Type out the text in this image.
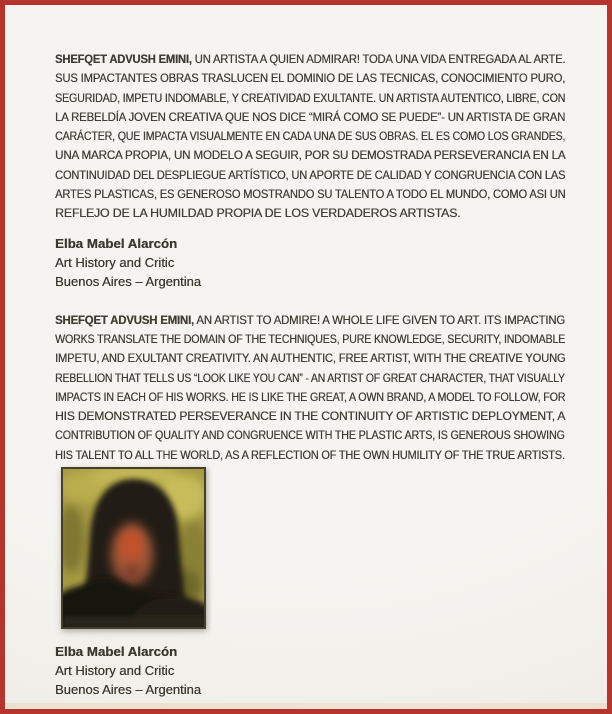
SHEFQET ADVUSH EMINI, UN ARTISTA A QUIEN ADMIRAR! TODA UNA VIDA ENTREGADA AL ARTE.
SUS IMPACTANTES OBRAS TRASLUCEN EL DOMINIO DE LAS TECNICAS, CONOCIMIENTO PURO,
SEGURIDAD, IMPETU INDOMABLE, Y CREATIVIDAD EXULTANTE. UN ARTISTA AUTENTICO, LIBRE, CON
LA REBELDÍA JOVEN CREATIVA QUE NOS DICE “MIRÁ COMO SE PUEDE”- UN ARTISTA DE GRAN
CARÁCTER, QUE IMPACTA VISUALMENTE EN CADA UNA DE SUS OBRAS. EL ES COMO LOS GRANDES,
UNA MARCA PROPIA, UN MODELO A SEGUIR, POR SU DEMOSTRADA PERSEVERANCIA EN LA
CONTINUIDAD DEL DESPLIEGUE ARTÍSTICO, UN APORTE DE CALIDAD Y CONGRUENCIA CON LAS
ARTES PLASTICAS, ES GENEROSO MOSTRANDO SU TALENTO A TODO EL MUNDO, COMO ASI UN
REFLEJO DE LA HUMILDAD PROPIA DE LOS VERDADEROS ARTISTAS.
Elba Mabel Alarcón
Art History and Critic
Buenos Aires – Argentina
SHEFQET ADVUSH EMINI, AN ARTIST TO ADMIRE! A WHOLE LIFE GIVEN TO ART. ITS IMPACTING
WORKS TRANSLATE THE DOMAIN OF THE TECHNIQUES, PURE KNOWLEDGE, SECURITY, INDOMABLE
IMPETU, AND EXULTANT CREATIVITY. AN AUTHENTIC, FREE ARTIST, WITH THE CREATIVE YOUNG
REBELLION THAT TELLS US “LOOK LIKE YOU CAN” - AN ARTIST OF GREAT CHARACTER, THAT VISUALLY
IMPACTS IN EACH OF HIS WORKS. HE IS LIKE THE GREAT, A OWN BRAND, A MODEL TO FOLLOW, FOR
HIS DEMONSTRATED PERSEVERANCE IN THE CONTINUITY OF ARTISTIC DEPLOYMENT, A
CONTRIBUTION OF QUALITY AND CONGRUENCE WITH THE PLASTIC ARTS, IS GENEROUS SHOWING
HIS TALENT TO ALL THE WORLD, AS A REFLECTION OF THE OWN HUMILITY OF THE TRUE ARTISTS.
Elba Mabel Alarcón
Art History and Critic
Buenos Aires – Argentina
